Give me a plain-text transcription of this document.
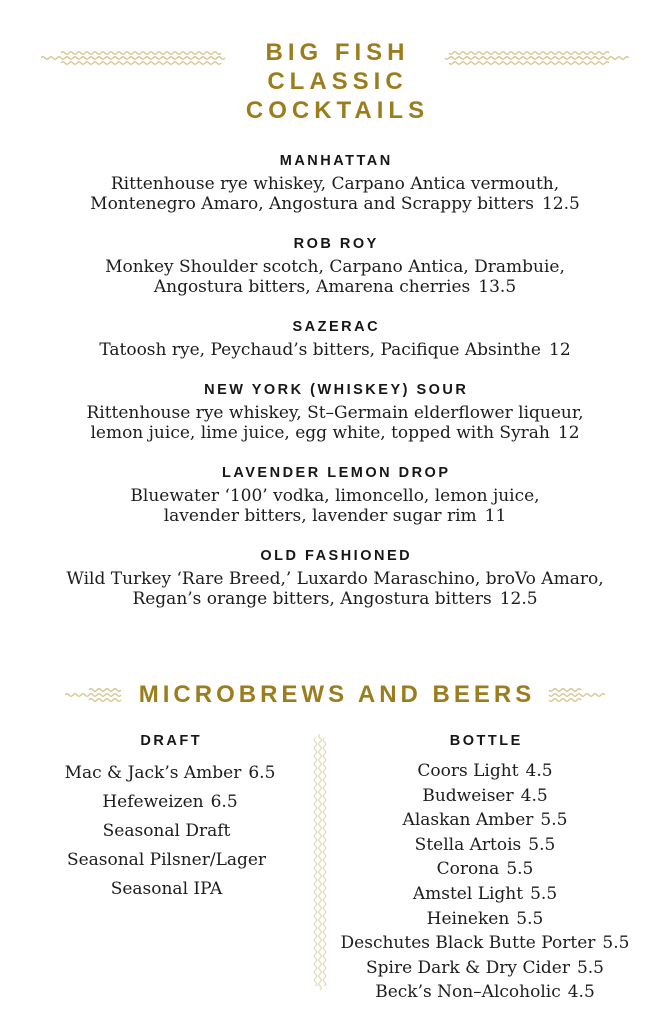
BIG FISH
CLASSIC
COCKTAILS
MANHATTAN

Rittenhouse rye whiskey, Carpano Antica vermouth,
Montenegro Amaro, Angostura and Scrappy bitters 12.5

ROB ROY

Monkey Shoulder scotch, Carpano Antica, Drambuie,
Angostura bitters, Amarena cherries 13.5

SAZERAC

Tatoosh rye, Peychaud’s bitters, Pacifique Absinthe 12

NEW YORK (WHISKEY) SOUR

Rittenhouse rye whiskey, St–Germain elderflower liqueur,
lemon juice, lime juice, egg white, topped with Syrah 12

LAVENDER LEMON DROP

Bluewater ‘100’ vodka, limoncello, lemon juice,
lavender bitters, lavender sugar rim 11

OLD FASHIONED

Wild Turkey ‘Rare Breed,’ Luxardo Maraschino, broVo Amaro,
Regan’s orange bitters, Angostura bitters 12.5

MICROBREWS AND BEERS
DRAFT
Mac & Jack’s Amber 6.5
Hefeweizen 6.5
Seasonal Draft
Seasonal Pilsner/Lager
Seasonal IPA
BOTTLE
Coors Light 4.5
Budweiser 4.5
Alaskan Amber 5.5
Stella Artois 5.5
Corona 5.5
Amstel Light 5.5
Heineken 5.5
Deschutes Black Butte Porter 5.5
Spire Dark & Dry Cider 5.5
Beck’s Non–Alcoholic 4.5
